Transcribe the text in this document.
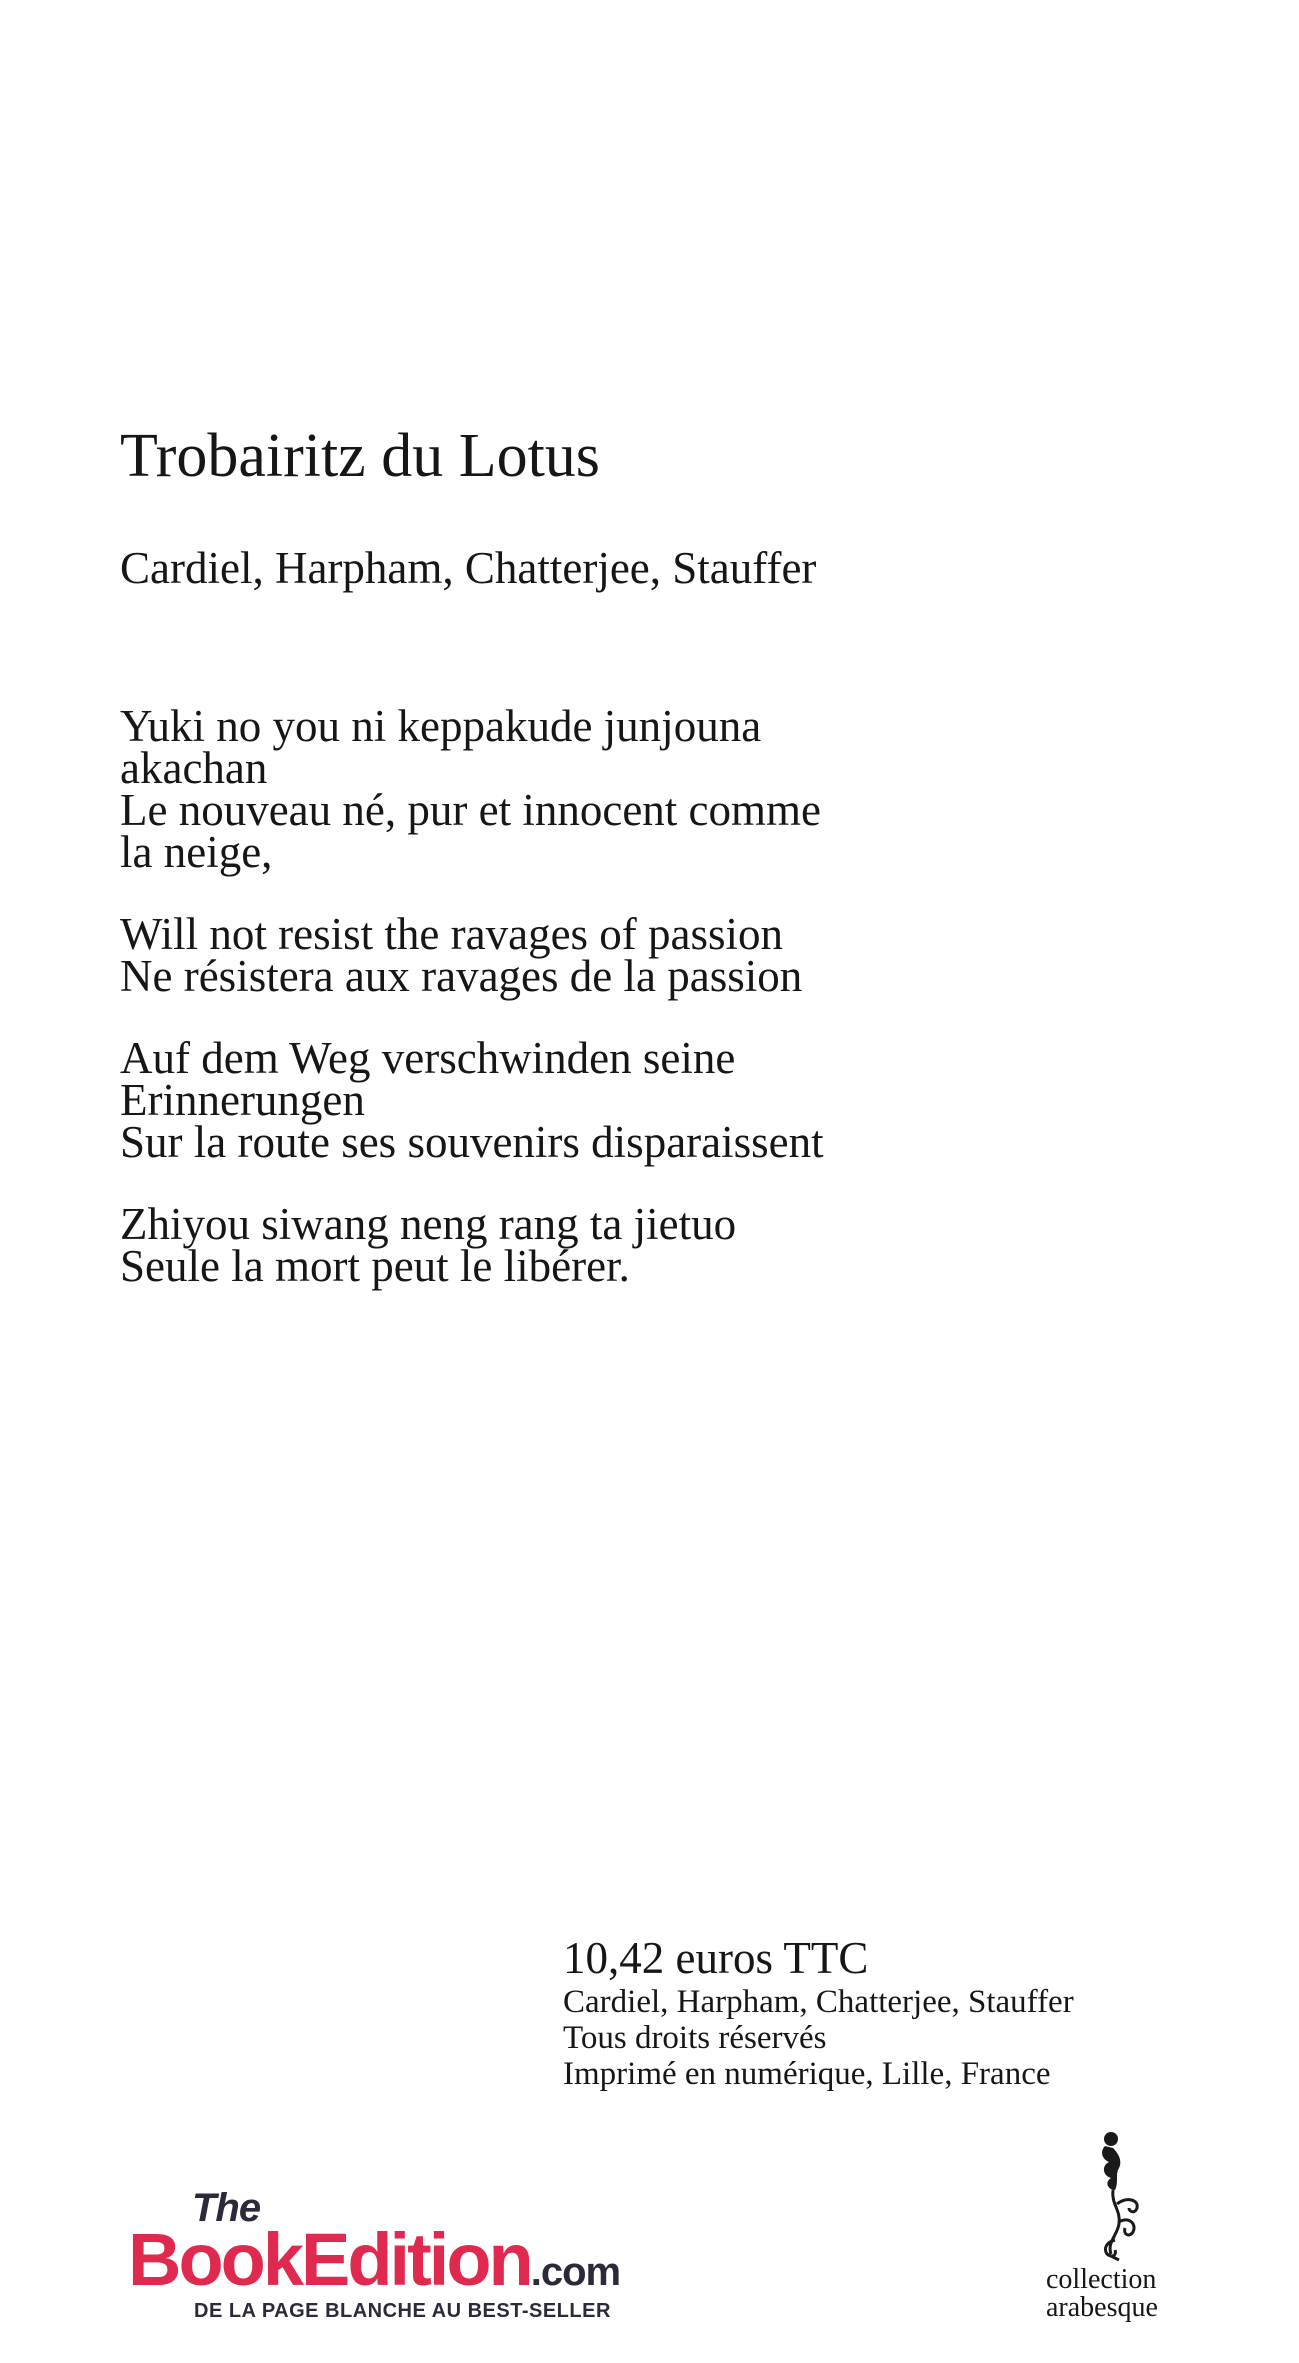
Trobairitz du Lotus
Cardiel, Harpham, Chatterjee, Stauffer
Yuki no you ni keppakude junjouna
akachan
Le nouveau né, pur et innocent comme
la neige,
Will not resist the ravages of passion
Ne résistera aux ravages de la passion
Auf dem Weg verschwinden seine
Erinnerungen
Sur la route ses souvenirs disparaissent
Zhiyou siwang neng rang ta jietuo
Seule la mort peut le libérer.
10,42 euros TTC
Cardiel, Harpham, Chatterjee, Stauffer
Tous droits réservés
Imprimé en numérique, Lille, France
The
BookEdition.com
DE LA PAGE BLANCHE AU BEST-SELLER
collection
arabesque
